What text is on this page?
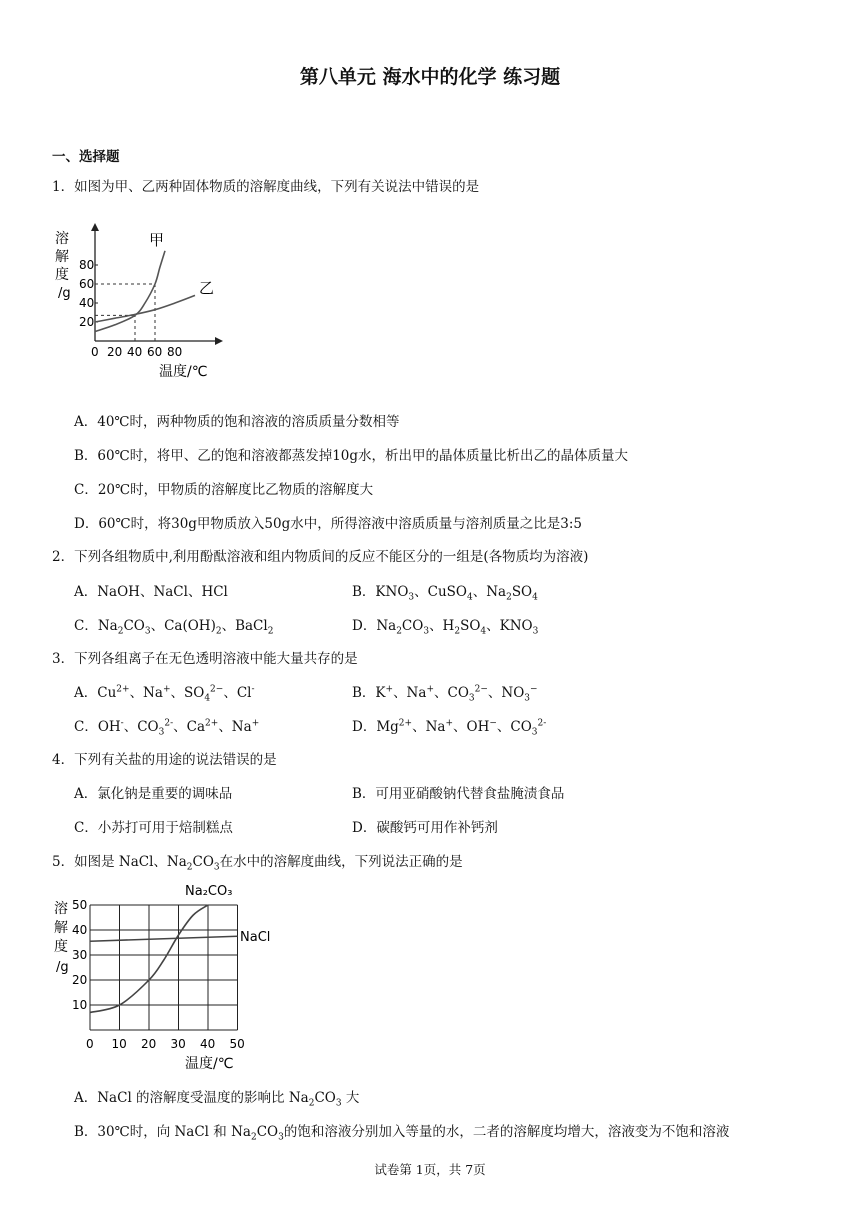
第八单元 海水中的化学 练习题
一、选择题
1．如图为甲、乙两种固体物质的溶解度曲线，下列有关说法中错误的是
0 20 40 60 80
20
40
60
80
溶
解
度
/g
温度/℃
甲
乙
A．40℃时，两种物质的饱和溶液的溶质质量分数相等
B．60℃时，将甲、乙的饱和溶液都蒸发掉10g水，析出甲的晶体质量比析出乙的晶体质量大
C．20℃时，甲物质的溶解度比乙物质的溶解度大
D．60℃时，将30g甲物质放入50g水中，所得溶液中溶质质量与溶剂质量之比是3:5
2．下列各组物质中,利用酚酞溶液和组内物质间的反应不能区分的一组是(各物质均为溶液)
A．NaOH、NaCl、HCl	B．$KNO_3$、CuSO$_4$、$Na_2SO_4$
C．$Na_2CO_3$、$Ca(OH)_2$、BaCl$_2$	D．$Na_2CO_3$、$H_2SO_4$、$KNO_3$
3．下列各组离子在无色透明溶液中能大量共存的是
A．$Cu^{2+}$、Na+、$SO_4^{2-}$、Cl-	B．K+、Na+、$CO_3^{2-}$、$NO_3^-$
C．OH-、$CO_3^{2-}$、$Ca^{2+}$、Na+	D．$Mg^{2+}$、Na+、OH−、$CO_3^{2-}$
4．下列有关盐的用途的说法错误的是
A．氯化钠是重要的调味品	B．可用亚硝酸钠代替食盐腌渍食品
C．小苏打可用于焙制糕点	D．碳酸钙可用作补钙剂
5．如图是 NaCl、$Na_2CO_3$在水中的溶解度曲线，下列说法正确的是
0 10 20 30 40 50
10
20
30
40
50
溶
解
度
/g
温度/℃
Na₂CO₃
NaCl
A．NaCl 的溶解度受温度的影响比 $Na_2CO_3$ 大
B．30℃时，向 NaCl 和 $Na_2CO_3$的饱和溶液分别加入等量的水，二者的溶解度均增大，溶液变为不饱和溶液
试卷第 1页，共 7页
